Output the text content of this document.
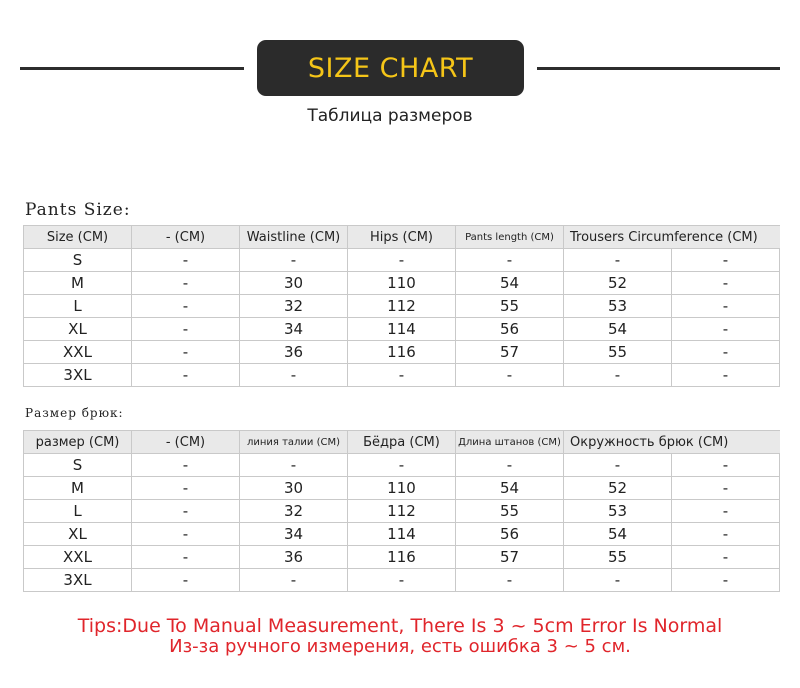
SIZE CHART
Таблица размеров
Pants Size:
Size (CM)	- (CM)	Waistline (CM)	Hips (CM)	Pants length (CM)	Trousers Circumference (CM)	
S	-	-	-	-	-	-
M	-	30	110	54	52	-
L	-	32	112	55	53	-
XL	-	34	114	56	54	-
XXL	-	36	116	57	55	-
3XL	-	-	-	-	-	-
Размер брюк:
размер (CM)	- (CM)	линия талии (CM)	Бёдра (CM)	Длина штанов (CM)	Окружность брюк (CM)	
S	-	-	-	-	-	-
M	-	30	110	54	52	-
L	-	32	112	55	53	-
XL	-	34	114	56	54	-
XXL	-	36	116	57	55	-
3XL	-	-	-	-	-	-
Tips:Due To Manual Measurement, There Is 3 ~ 5cm Error Is Normal
Из-за ручного измерения, есть ошибка 3 ~ 5 см.
